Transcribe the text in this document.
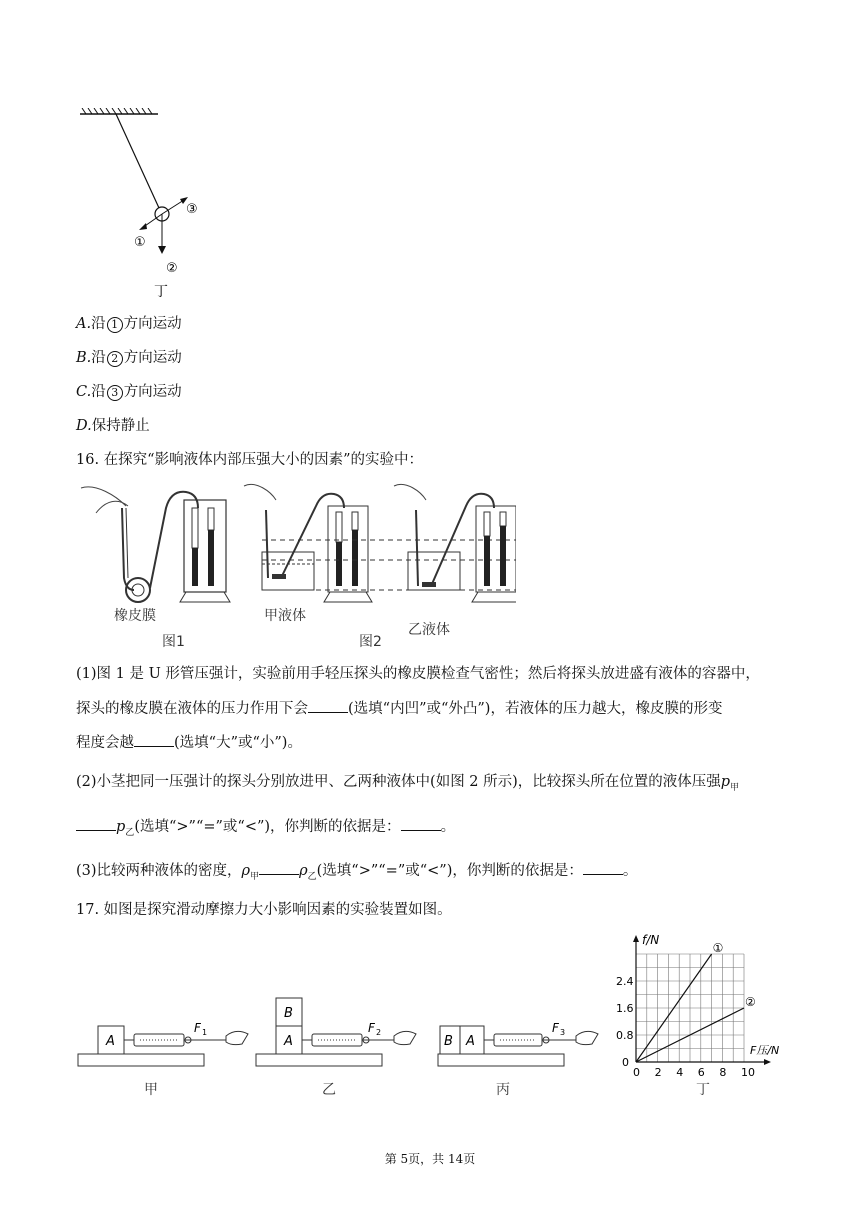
①
②
③
丁
A.沿 1 方向运动
B.沿 2 方向运动
C.沿 3 方向运动
D.保持静止
16. 在探究“影响液体内部压强大小的因素”的实验中：
橡皮膜
图1
甲液体
图2
乙液体
(1)图 1 是 U 形管压强计，实验前用手轻压探头的橡皮膜检查气密性；然后将探头放进盛有液体的容器中，
探头的橡皮膜在液体的压力作用下会	(选填“内凹”或“外凸”)，若液体的压力越大，橡皮膜的形变
程度会越	(选填“大”或“小”)。
(2)小茎把同一压强计的探头分别放进甲、乙两种液体中(如图 2 所示)，比较探头所在位置的液体压强$p_甲$
$p_乙$(选填“>”“=”或“<”)，你判断的依据是：	。
(3)比较两种液体的密度，$\rho_甲$	$\rho_乙$(选填“>”“=”或“<”)，你判断的依据是：	。
17. 如图是探究滑动摩擦力大小影响因素的实验装置如图。
A
F 1
甲
B
A
F 2
乙
B A
F 3
丙
0 2 4 6 8 10
0.8
1.6
2.4
0
f/N
F压/N
①
②
丁
第 5页，共 14页
